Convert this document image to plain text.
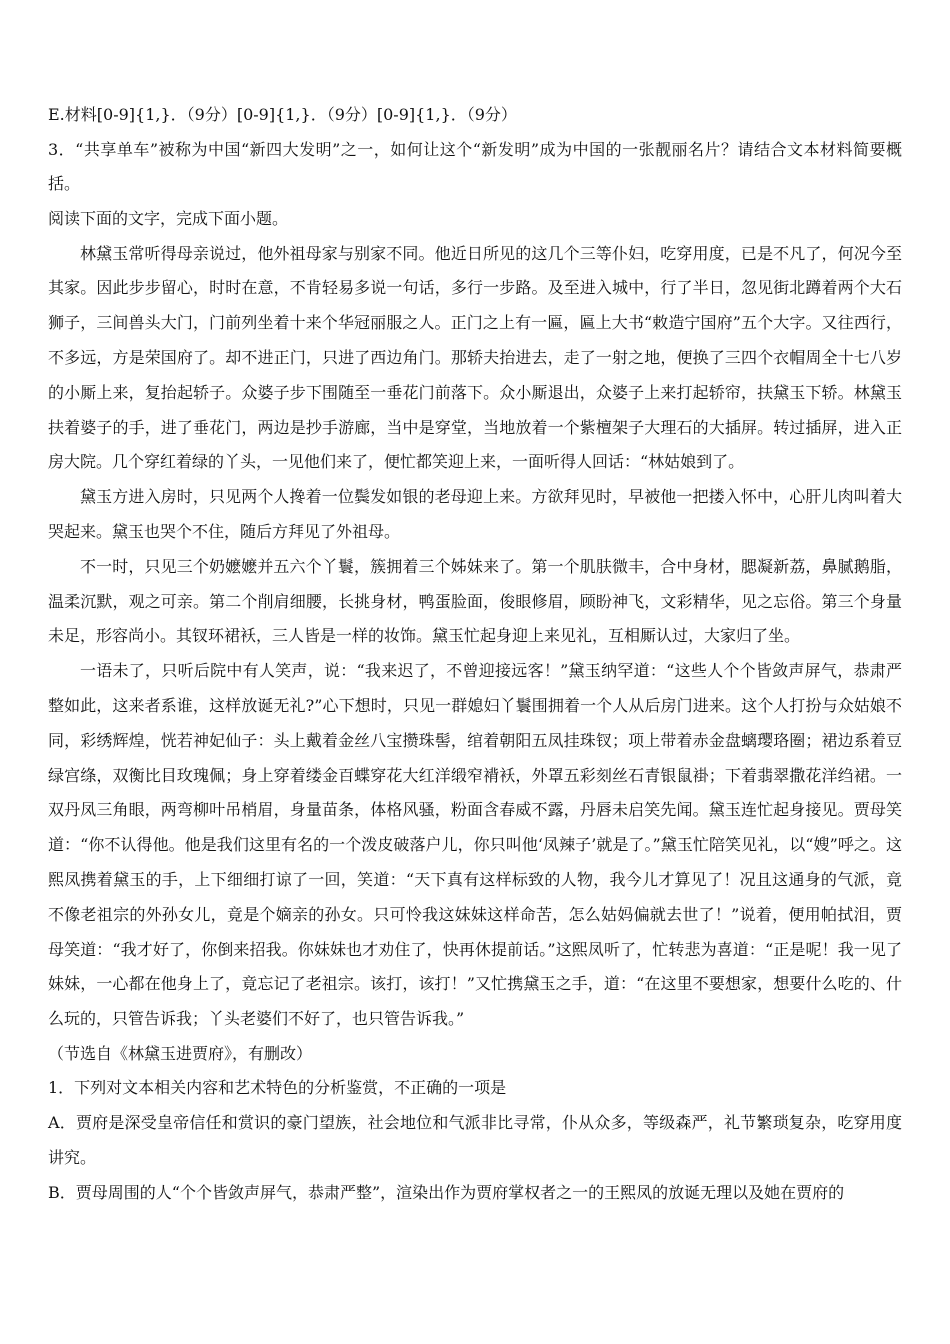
E.材料[0-9]{1,}．（9分）[0-9]{1,}．（9分）[0-9]{1,}．（9分）

3．“共享单车”被称为中国“新四大发明”之一，如何让这个“新发明”成为中国的一张靓丽名片？请结合文本材料简要概括。

阅读下面的文字，完成下面小题。

林黛玉常听得母亲说过，他外祖母家与别家不同。他近日所见的这几个三等仆妇，吃穿用度，已是不凡了，何况今至其家。因此步步留心，时时在意，不肯轻易多说一句话，多行一步路。及至进入城中，行了半日，忽见街北蹲着两个大石狮子，三间兽头大门，门前列坐着十来个华冠丽服之人。正门之上有一匾，匾上大书“敕造宁国府”五个大字。又往西行，不多远，方是荣国府了。却不进正门，只进了西边角门。那轿夫抬进去，走了一射之地，便换了三四个衣帽周全十七八岁的小厮上来，复抬起轿子。众婆子步下围随至一垂花门前落下。众小厮退出，众婆子上来打起轿帘，扶黛玉下轿。林黛玉扶着婆子的手，进了垂花门，两边是抄手游廊，当中是穿堂，当地放着一个紫檀架子大理石的大插屏。转过插屏，进入正房大院。几个穿红着绿的丫头，一见他们来了，便忙都笑迎上来，一面听得人回话：“林姑娘到了。

黛玉方进入房时，只见两个人搀着一位鬓发如银的老母迎上来。方欲拜见时，早被他一把搂入怀中，心肝儿肉叫着大哭起来。黛玉也哭个不住，随后方拜见了外祖母。

不一时，只见三个奶嬷嬷并五六个丫鬟，簇拥着三个姊妹来了。第一个肌肤微丰，合中身材，腮凝新荔，鼻腻鹅脂，温柔沉默，观之可亲。第二个削肩细腰，长挑身材，鸭蛋脸面，俊眼修眉，顾盼神飞，文彩精华，见之忘俗。第三个身量未足，形容尚小。其钗环裙袄，三人皆是一样的妆饰。黛玉忙起身迎上来见礼，互相厮认过，大家归了坐。

一语未了，只听后院中有人笑声，说：“我来迟了，不曾迎接远客！”黛玉纳罕道：“这些人个个皆敛声屏气，恭肃严整如此，这来者系谁，这样放诞无礼?”心下想时，只见一群媳妇丫鬟围拥着一个人从后房门进来。这个人打扮与众姑娘不同，彩绣辉煌，恍若神妃仙子：头上戴着金丝八宝攒珠髻，绾着朝阳五凤挂珠钗；项上带着赤金盘螭璎珞圈；裙边系着豆绿宫绦，双衡比目玫瑰佩；身上穿着缕金百蝶穿花大红洋缎窄褙袄，外罩五彩刻丝石青银鼠褂；下着翡翠撒花洋绉裙。一双丹凤三角眼，两弯柳叶吊梢眉，身量苗条，体格风骚，粉面含春威不露，丹唇未启笑先闻。黛玉连忙起身接见。贾母笑道：“你不认得他。他是我们这里有名的一个泼皮破落户儿，你只叫他‘凤辣子’就是了。”黛玉忙陪笑见礼，以“嫂”呼之。这熙凤携着黛玉的手，上下细细打谅了一回，笑道：“天下真有这样标致的人物，我今儿才算见了！况且这通身的气派，竟不像老祖宗的外孙女儿，竟是个嫡亲的孙女。只可怜我这妹妹这样命苦，怎么姑妈偏就去世了！”说着，便用帕拭泪，贾母笑道：“我才好了，你倒来招我。你妹妹也才劝住了，快再休提前话。”这熙凤听了，忙转悲为喜道：“正是呢！我一见了妹妹，一心都在他身上了，竟忘记了老祖宗。该打，该打！”又忙携黛玉之手，道：“在这里不要想家，想要什么吃的、什么玩的，只管告诉我；丫头老婆们不好了，也只管告诉我。”

（节选自《林黛玉进贾府》，有删改）
1．下列对文本相关内容和艺术特色的分析鉴赏，不正确的一项是

A．贾府是深受皇帝信任和赏识的豪门望族，社会地位和气派非比寻常，仆从众多，等级森严，礼节繁琐复杂，吃穿用度讲究。

B．贾母周围的人“个个皆敛声屏气，恭肃严整”，渲染出作为贾府掌权者之一的王熙凤的放诞无理以及她在贾府的
